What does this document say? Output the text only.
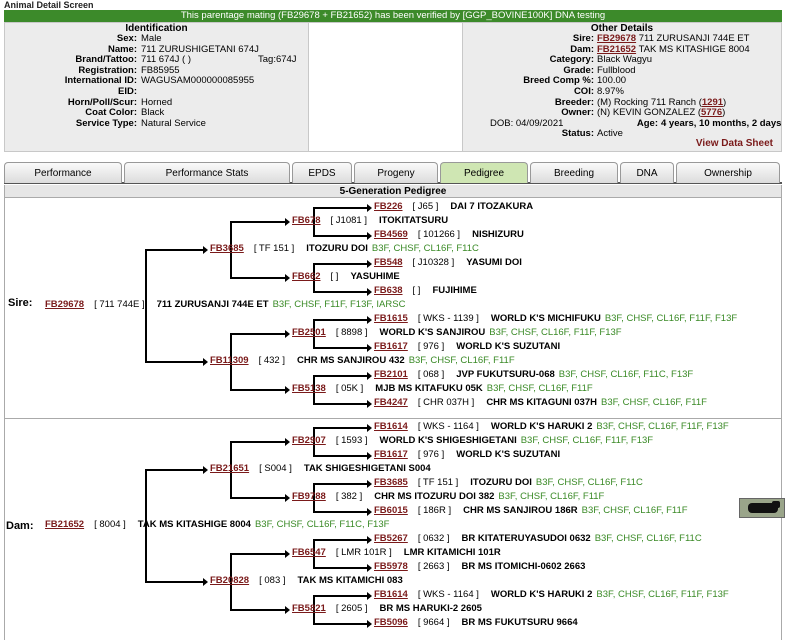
Animal Detail Screen
This parentage mating (FB29678 + FB21652) has been verified by [GGP_BOVINE100K] DNA testing
Identification
Sex: Male
Name: 711 ZURUSHIGETANI 674J
Brand/Tattoo: 711 674J ( )	Tag:674J
Registration: FB85955
International ID: WAGUSAM000000085955
EID:
Horn/Poll/Scur: Horned
Coat Color: Black
Service Type: Natural Service
Other Details
Sire: FB29678 711 ZURUSANJI 744E ET
Dam: FB21652 TAK MS KITASHIGE 8004
Category: Black Wagyu
Grade: Fullblood
Breed Comp %: 100.00
COI: 8.97%
Breeder: (M) Rocking 711 Ranch (1291)
Owner: (N) KEVIN GONZALEZ (5776)
DOB: 04/09/2021	Age: 4 years, 10 months, 2 days
Status: Active
View Data Sheet
Performance	Performance Stats	EPDS	Progeny	Pedigree	Breeding	DNA	Ownership
5-Generation Pedigree
Sire:
Dam:
FB226 [ J65 ] DAI 7 ITOZAKURA
FB678 [ J1081 ] ITOKITATSURU
FB4569 [ 101266 ] NISHIZURU
FB3685 [ TF 151 ] ITOZURU DOI B3F, CHSF, CL16F, F11C
FB548 [ J10328 ] YASUMI DOI
FB662 [ ] YASUHIME
FB638 [ ] FUJIHIME
FB29678 [ 711 744E ] 711 ZURUSANJI 744E ET B3F, CHSF, F11F, F13F, IARSC
FB1615 [ WKS - 1139 ] WORLD K'S MICHIFUKU B3F, CHSF, CL16F, F11F, F13F
FB2501 [ 8898 ] WORLD K'S SANJIROU B3F, CHSF, CL16F, F11F, F13F
FB1617 [ 976 ] WORLD K'S SUZUTANI
FB11309 [ 432 ] CHR MS SANJIROU 432 B3F, CHSF, CL16F, F11F
FB2101 [ 068 ] JVP FUKUTSURU-068 B3F, CHSF, CL16F, F11C, F13F
FB5138 [ 05K ] MJB MS KITAFUKU 05K B3F, CHSF, CL16F, F11F
FB4247 [ CHR 037H ] CHR MS KITAGUNI 037H B3F, CHSF, CL16F, F11F
FB1614 [ WKS - 1164 ] WORLD K'S HARUKI 2 B3F, CHSF, CL16F, F11F, F13F
FB2907 [ 1593 ] WORLD K'S SHIGESHIGETANI B3F, CHSF, CL16F, F11F, F13F
FB1617 [ 976 ] WORLD K'S SUZUTANI
FB21651 [ S004 ] TAK SHIGESHIGETANI S004
FB3685 [ TF 151 ] ITOZURU DOI B3F, CHSF, CL16F, F11C
FB9788 [ 382 ] CHR MS ITOZURU DOI 382 B3F, CHSF, CL16F, F11F
FB6015 [ 186R ] CHR MS SANJIROU 186R B3F, CHSF, CL16F, F11F
FB21652 [ 8004 ] TAK MS KITASHIGE 8004 B3F, CHSF, CL16F, F11C, F13F
FB5267 [ 0632 ] BR KITATERUYASUDOI 0632 B3F, CHSF, CL16F, F11C
FB6547 [ LMR 101R ] LMR KITAMICHI 101R
FB5978 [ 2663 ] BR MS ITOMICHI-0602 2663
FB20828 [ 083 ] TAK MS KITAMICHI 083
FB1614 [ WKS - 1164 ] WORLD K'S HARUKI 2 B3F, CHSF, CL16F, F11F, F13F
FB5821 [ 2605 ] BR MS HARUKI-2 2605
FB5096 [ 9664 ] BR MS FUKUTSURU 9664
